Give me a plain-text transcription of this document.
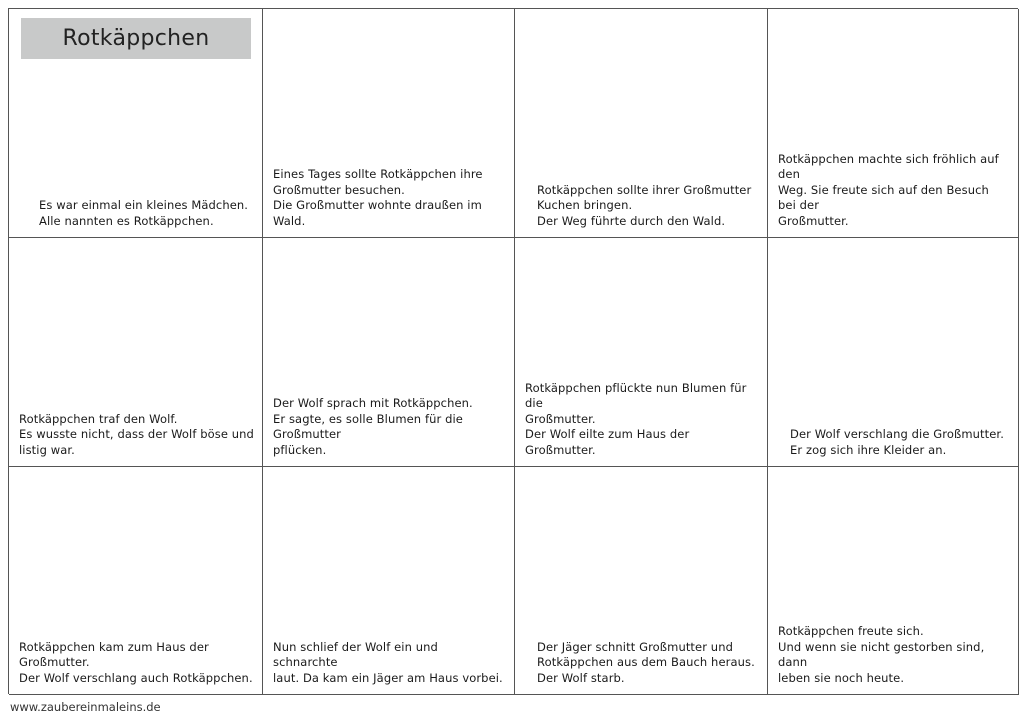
Rotkäppchen
Es war einmal ein kleines Mädchen.
Alle nannten es Rotkäppchen.
Eines Tages sollte Rotkäppchen ihre
Großmutter besuchen.
Die Großmutter wohnte draußen im Wald.
Rotkäppchen sollte ihrer Großmutter
Kuchen bringen.
Der Weg führte durch den Wald.
Rotkäppchen machte sich fröhlich auf den
Weg. Sie freute sich auf den Besuch bei der
Großmutter.
Rotkäppchen traf den Wolf.
Es wusste nicht, dass der Wolf böse und
listig war.
Der Wolf sprach mit Rotkäppchen.
Er sagte, es solle Blumen für die Großmutter
pflücken.
Rotkäppchen pflückte nun Blumen für die
Großmutter.
Der Wolf eilte zum Haus der Großmutter.
Der Wolf verschlang die Großmutter.
Er zog sich ihre Kleider an.
Rotkäppchen kam zum Haus der
Großmutter.
Der Wolf verschlang auch Rotkäppchen.
Nun schlief der Wolf ein und schnarchte
laut. Da kam ein Jäger am Haus vorbei.
Der Jäger schnitt Großmutter und
Rotkäppchen aus dem Bauch heraus.
Der Wolf starb.
Rotkäppchen freute sich.
Und wenn sie nicht gestorben sind, dann
leben sie noch heute.
www.zaubereinmaleins.de
